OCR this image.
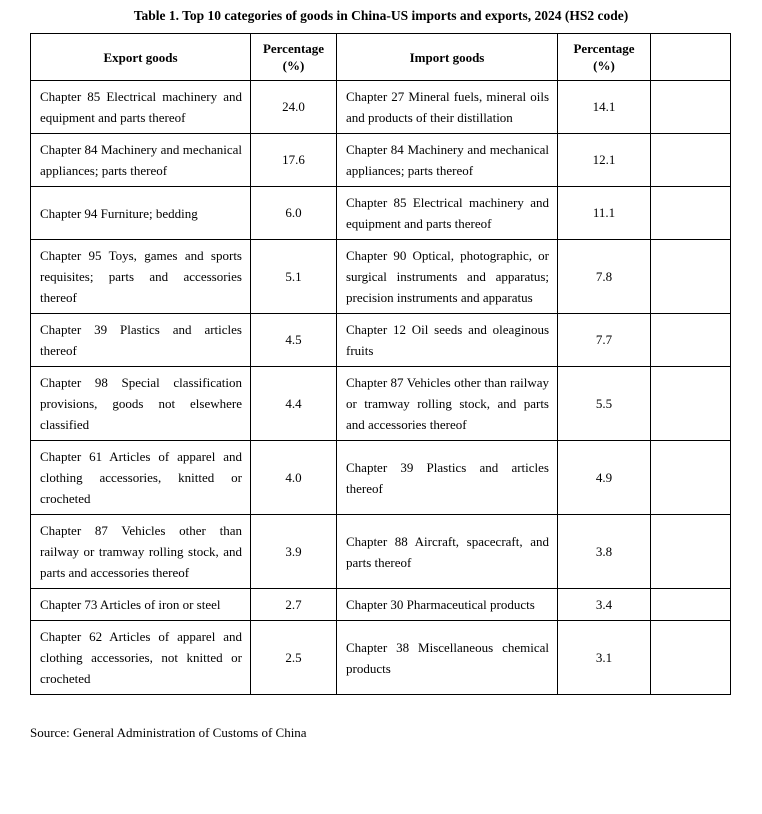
Table 1. Top 10 categories of goods in China-US imports and exports, 2024 (HS2 code)
Export goods	Percentage (%)	Import goods	Percentage (%)	
Chapter 85 Electrical machinery and equipment and parts thereof	24.0	Chapter 27 Mineral fuels, mineral oils and products of their distillation	14.1	
Chapter 84 Machinery and mechanical appliances; parts thereof	17.6	Chapter 84 Machinery and mechanical appliances; parts thereof	12.1	
Chapter 94 Furniture; bedding	6.0	Chapter 85 Electrical machinery and equipment and parts thereof	11.1	
Chapter 95 Toys, games and sports requisites; parts and accessories thereof	5.1	Chapter 90 Optical, photographic, or surgical instruments and apparatus; precision instruments and apparatus	7.8	
Chapter 39 Plastics and articles thereof	4.5	Chapter 12 Oil seeds and oleaginous fruits	7.7	
Chapter 98 Special classification provisions, goods not elsewhere classified	4.4	Chapter 87 Vehicles other than railway or tramway rolling stock, and parts and accessories thereof	5.5	
Chapter 61 Articles of apparel and clothing accessories, knitted or crocheted	4.0	Chapter 39 Plastics and articles thereof	4.9	
Chapter 87 Vehicles other than railway or tramway rolling stock, and parts and accessories thereof	3.9	Chapter 88 Aircraft, spacecraft, and parts thereof	3.8	
Chapter 73 Articles of iron or steel	2.7	Chapter 30 Pharmaceutical products	3.4	
Chapter 62 Articles of apparel and clothing accessories, not knitted or crocheted	2.5	Chapter 38 Miscellaneous chemical products	3.1	
Source: General Administration of Customs of China
